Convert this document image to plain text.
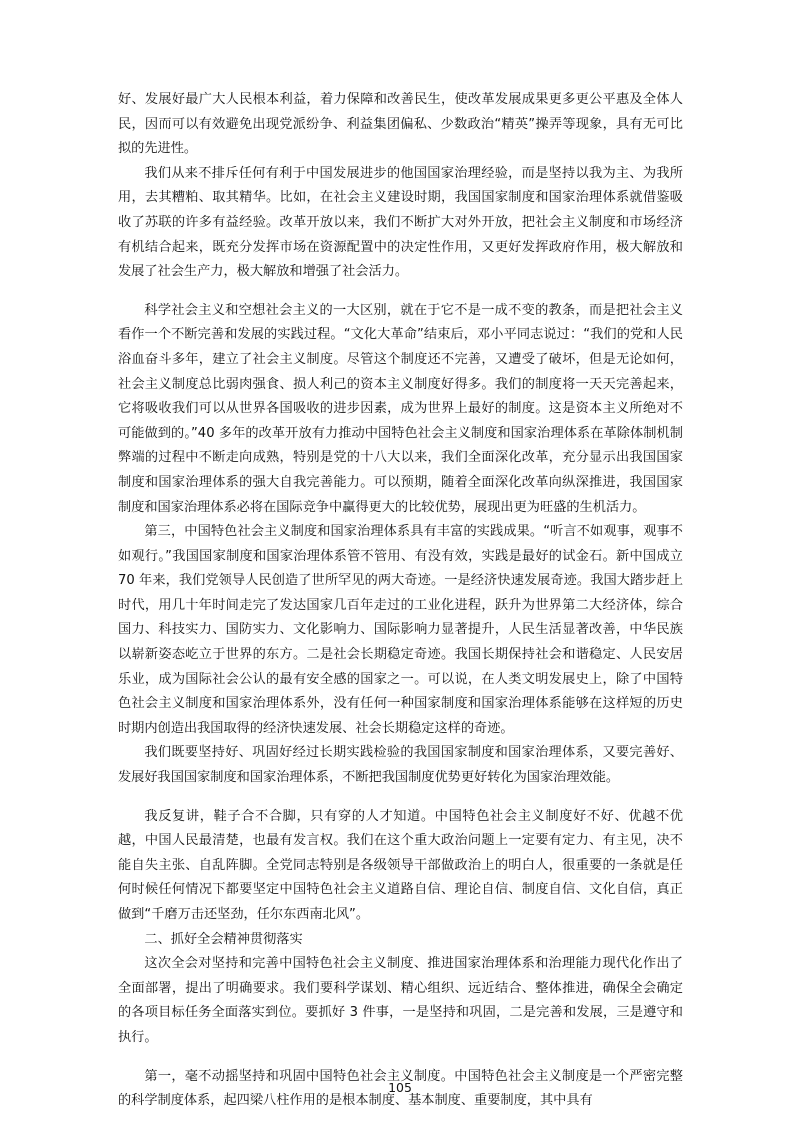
好、发展好最广大人民根本利益，着力保障和改善民生，使改革发展成果更多更公平惠及全体人民，因而可以有效避免出现党派纷争、利益集团偏私、少数政治“精英”操弄等现象，具有无可比拟的先进性。

我们从来不排斥任何有利于中国发展进步的他国国家治理经验，而是坚持以我为主、为我所用，去其糟粕、取其精华。比如，在社会主义建设时期，我国国家制度和国家治理体系就借鉴吸收了苏联的许多有益经验。改革开放以来，我们不断扩大对外开放，把社会主义制度和市场经济有机结合起来，既充分发挥市场在资源配置中的决定性作用，又更好发挥政府作用，极大解放和发展了社会生产力，极大解放和增强了社会活力。

科学社会主义和空想社会主义的一大区别，就在于它不是一成不变的教条，而是把社会主义看作一个不断完善和发展的实践过程。“文化大革命”结束后，邓小平同志说过：“我们的党和人民浴血奋斗多年，建立了社会主义制度。尽管这个制度还不完善，又遭受了破坏，但是无论如何，社会主义制度总比弱肉强食、损人利己的资本主义制度好得多。我们的制度将一天天完善起来，它将吸收我们可以从世界各国吸收的进步因素，成为世界上最好的制度。这是资本主义所绝对不可能做到的。”40 多年的改革开放有力推动中国特色社会主义制度和国家治理体系在革除体制机制弊端的过程中不断走向成熟，特别是党的十八大以来，我们全面深化改革，充分显示出我国国家制度和国家治理体系的强大自我完善能力。可以预期，随着全面深化改革向纵深推进，我国国家制度和国家治理体系必将在国际竞争中赢得更大的比较优势，展现出更为旺盛的生机活力。

第三，中国特色社会主义制度和国家治理体系具有丰富的实践成果。“听言不如观事，观事不如观行。”我国国家制度和国家治理体系管不管用、有没有效，实践是最好的试金石。新中国成立 70 年来，我们党领导人民创造了世所罕见的两大奇迹。一是经济快速发展奇迹。我国大踏步赶上时代，用几十年时间走完了发达国家几百年走过的工业化进程，跃升为世界第二大经济体，综合国力、科技实力、国防实力、文化影响力、国际影响力显著提升，人民生活显著改善，中华民族以崭新姿态屹立于世界的东方。二是社会长期稳定奇迹。我国长期保持社会和谐稳定、人民安居乐业，成为国际社会公认的最有安全感的国家之一。可以说，在人类文明发展史上，除了中国特色社会主义制度和国家治理体系外，没有任何一种国家制度和国家治理体系能够在这样短的历史时期内创造出我国取得的经济快速发展、社会长期稳定这样的奇迹。

我们既要坚持好、巩固好经过长期实践检验的我国国家制度和国家治理体系，又要完善好、发展好我国国家制度和国家治理体系，不断把我国制度优势更好转化为国家治理效能。

我反复讲，鞋子合不合脚，只有穿的人才知道。中国特色社会主义制度好不好、优越不优越，中国人民最清楚，也最有发言权。我们在这个重大政治问题上一定要有定力、有主见，决不能自失主张、自乱阵脚。全党同志特别是各级领导干部做政治上的明白人，很重要的一条就是任何时候任何情况下都要坚定中国特色社会主义道路自信、理论自信、制度自信、文化自信，真正做到“千磨万击还坚劲，任尔东西南北风”。

二、抓好全会精神贯彻落实

这次全会对坚持和完善中国特色社会主义制度、推进国家治理体系和治理能力现代化作出了全面部署，提出了明确要求。我们要科学谋划、精心组织、远近结合、整体推进，确保全会确定的各项目标任务全面落实到位。要抓好 3 件事，一是坚持和巩固，二是完善和发展，三是遵守和执行。

第一，毫不动摇坚持和巩固中国特色社会主义制度。中国特色社会主义制度是一个严密完整的科学制度体系，起四梁八柱作用的是根本制度、基本制度、重要制度，其中具有

105
